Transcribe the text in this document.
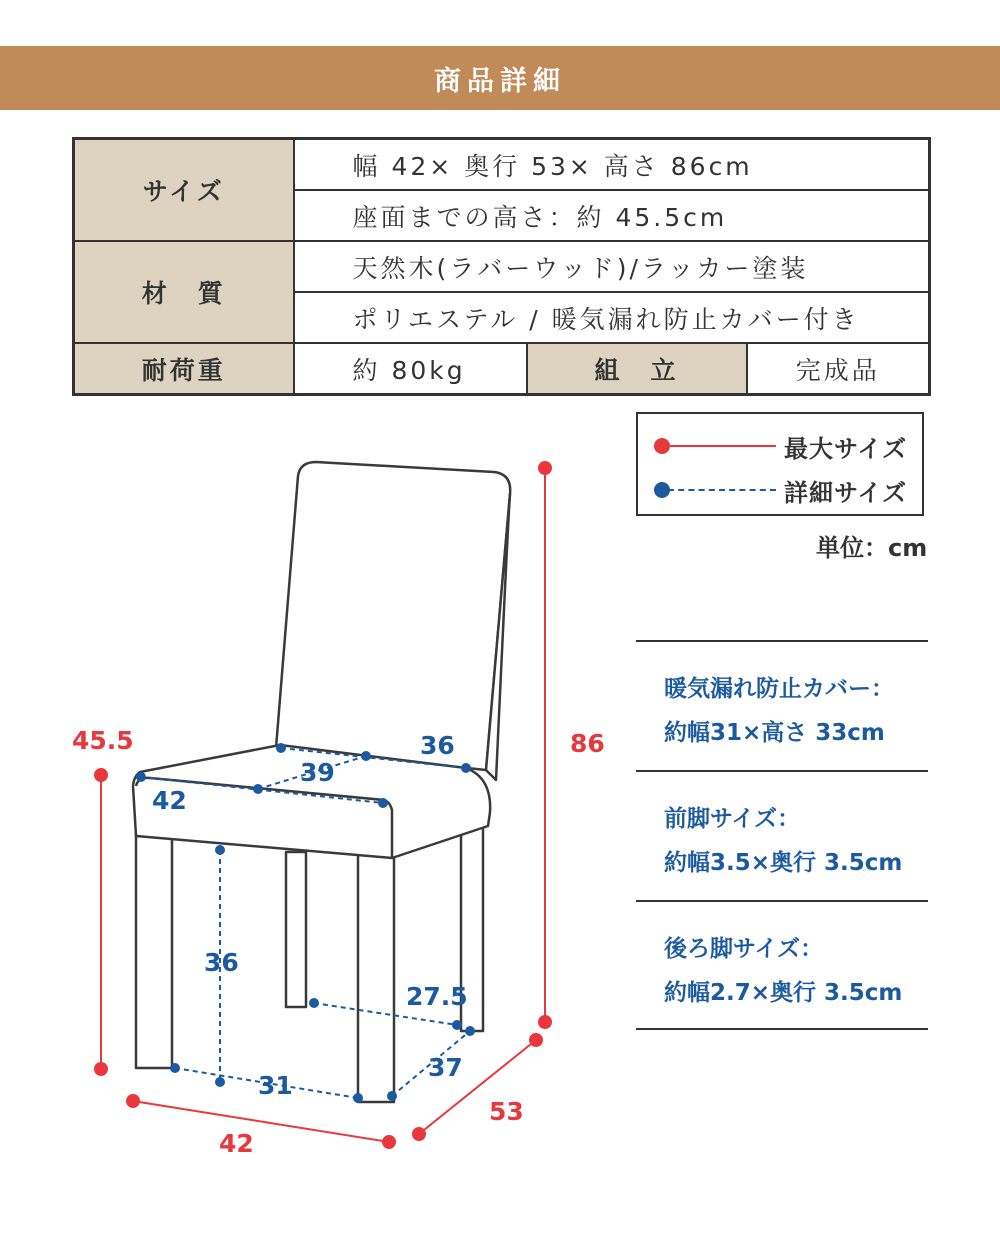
商品詳細
サイズ	幅 42× 奥行 53× 高さ 86cm		
	座面までの高さ：約 45.5cm		
材　質	天然木(ラバーウッド)/ラッカー塗装		
	ポリエステル / 暖気漏れ防止カバー付き		
耐荷重	約 80kg	組　立	完成品
45.5	86
42
53
42
39
36
36
27.5
31
37
最大サイズ
詳細サイズ
単位：cm
暖気漏れ防止カバー：
約幅31×高さ 33cm
前脚サイズ：
約幅3.5×奥行 3.5cm
後ろ脚サイズ：
約幅2.7×奥行 3.5cm
